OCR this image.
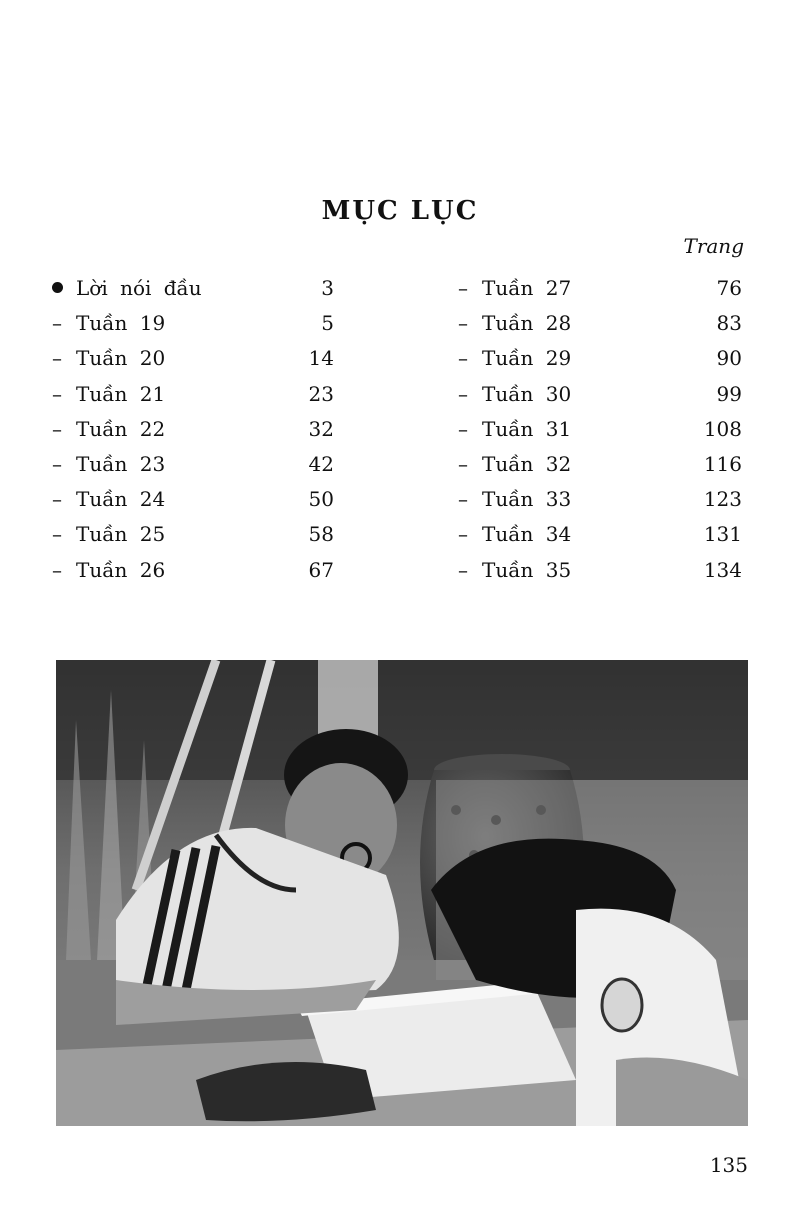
MỤC LỤC
Trang
Lời nói đầu	3
– Tuần 19	5
– Tuần 20	14
– Tuần 21	23
– Tuần 22	32
– Tuần 23	42
– Tuần 24	50
– Tuần 25	58
– Tuần 26	67
– Tuần 27	76
– Tuần 28	83
– Tuần 29	90
– Tuần 30	99
– Tuần 31	108
– Tuần 32	116
– Tuần 33	123
– Tuần 34	131
– Tuần 35	134
135
